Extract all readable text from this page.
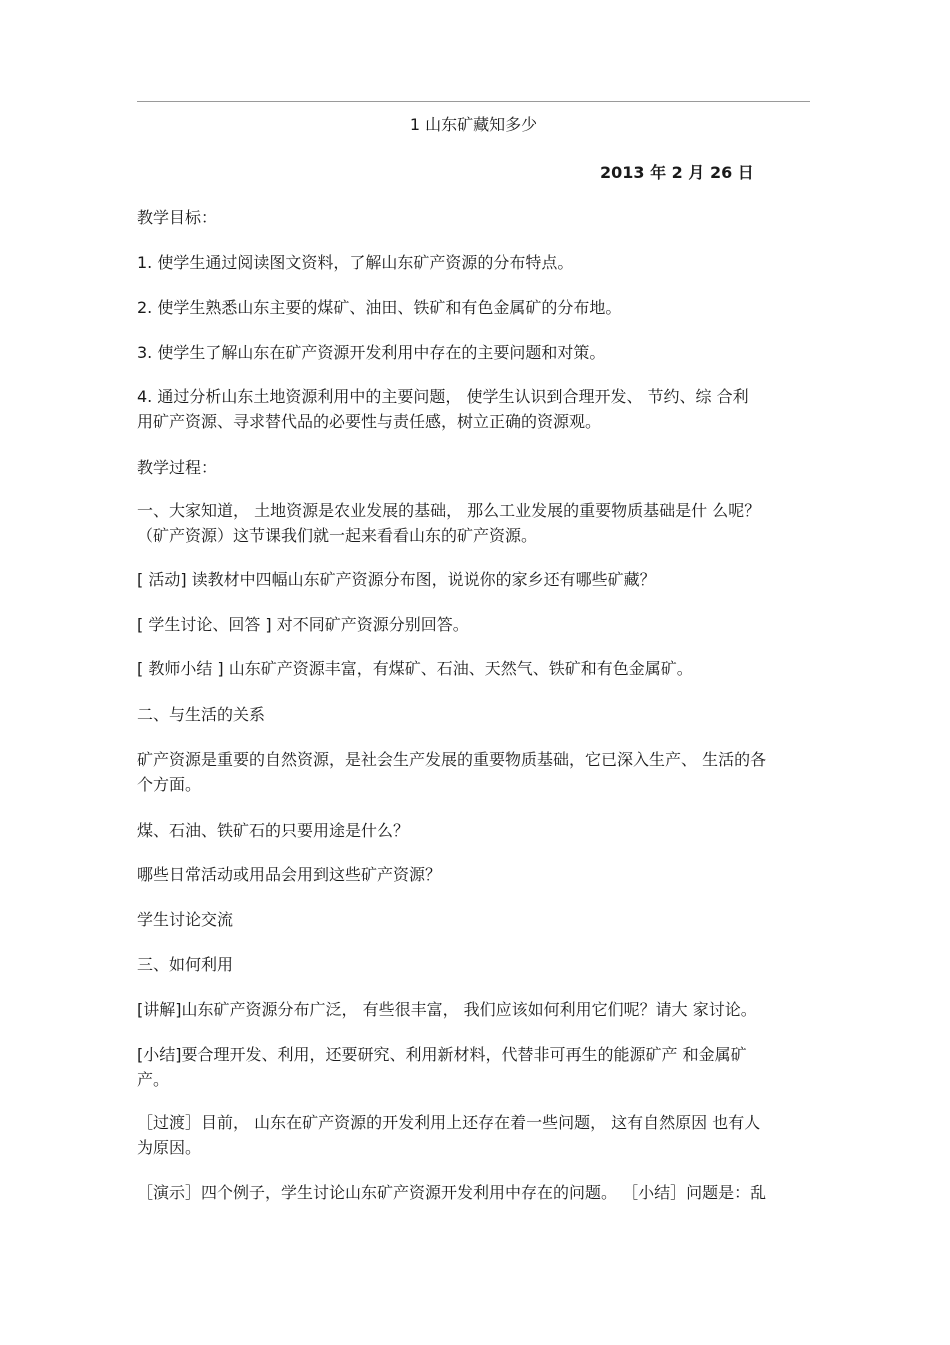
1 山东矿藏知多少
2013 年 2 月 26 日
教学目标：
1. 使学生通过阅读图文资料，了解山东矿产资源的分布特点。
2. 使学生熟悉山东主要的煤矿、油田、铁矿和有色金属矿的分布地。
3. 使学生了解山东在矿产资源开发利用中存在的主要问题和对策。
4. 通过分析山东土地资源利用中的主要问题， 使学生认识到合理开发、 节约、综 合利
用矿产资源、寻求替代品的必要性与责任感，树立正确的资源观。
教学过程：
一、大家知道， 土地资源是农业发展的基础， 那么工业发展的重要物质基础是什 么呢？
（矿产资源）这节课我们就一起来看看山东的矿产资源。
[ 活动] 读教材中四幅山东矿产资源分布图，说说你的家乡还有哪些矿藏？
[ 学生讨论、回答 ] 对不同矿产资源分别回答。
[ 教师小结 ] 山东矿产资源丰富，有煤矿、石油、天然气、铁矿和有色金属矿。
二、与生活的关系
矿产资源是重要的自然资源，是社会生产发展的重要物质基础，它已深入生产、 生活的各
个方面。
煤、石油、铁矿石的只要用途是什么？
哪些日常活动或用品会用到这些矿产资源？
学生讨论交流
三、如何利用
[讲解]山东矿产资源分布广泛， 有些很丰富， 我们应该如何利用它们呢？请大 家讨论。
[小结]要合理开发、利用，还要研究、利用新材料，代替非可再生的能源矿产 和金属矿
产。
［过渡］目前， 山东在矿产资源的开发利用上还存在着一些问题， 这有自然原因 也有人
为原因。
［演示］四个例子，学生讨论山东矿产资源开发利用中存在的问题。 ［小结］问题是：乱
